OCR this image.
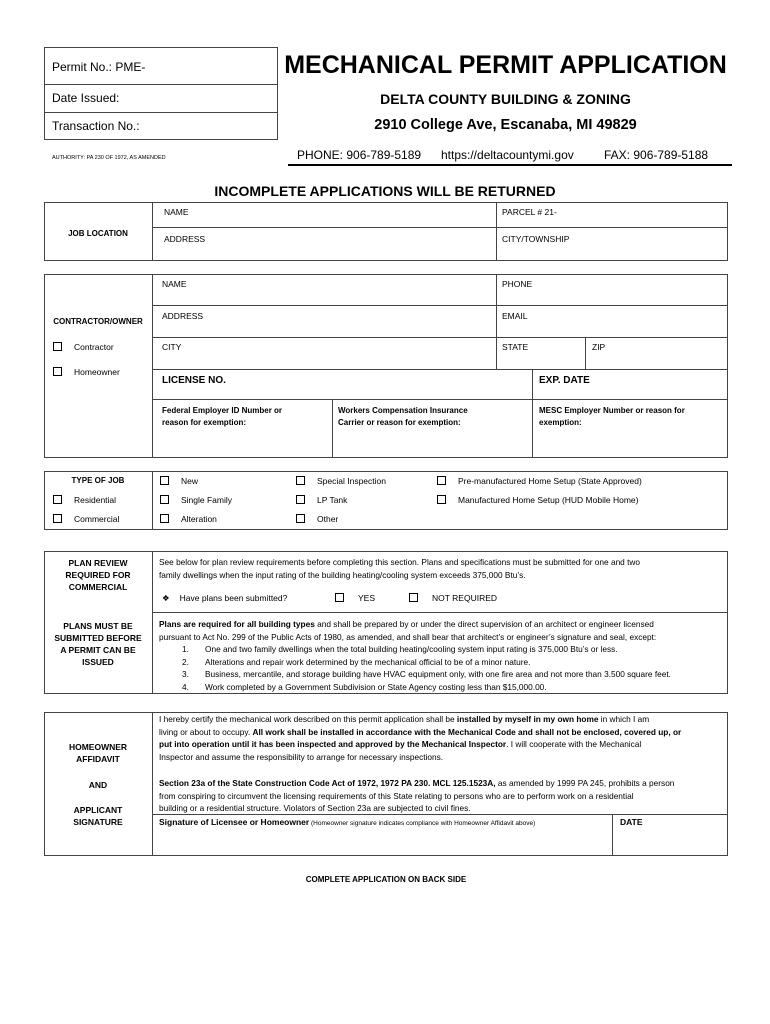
Permit No.: PME-
Date Issued:
Transaction No.:
AUTHORITY: PA 230 OF 1972, AS AMENDED
MECHANICAL PERMIT APPLICATION
DELTA COUNTY BUILDING & ZONING
2910 College Ave, Escanaba, MI 49829
PHONE: 906-789-5189 https://deltacountymi.gov	FAX: 906-789-5188
INCOMPLETE APPLICATIONS WILL BE RETURNED
JOB LOCATION
NAME	PARCEL # 21-
ADDRESS	CITY/TOWNSHIP
CONTRACTOR/OWNER
Contractor
Homeowner
NAME	PHONE
ADDRESS	EMAIL
CITY	STATE	ZIP
LICENSE NO.	EXP. DATE
Federal Employer ID Number or
reason for exemption:
Workers Compensation Insurance
Carrier or reason for exemption:
MESC Employer Number or reason for
exemption:
TYPE OF JOB
Residential
Commercial
New
Single Family
Alteration
Special Inspection
LP Tank
Other
Pre-manufactured Home Setup (State Approved)
Manufactured Home Setup (HUD Mobile Home)
PLAN REVIEW
REQUIRED FOR
COMMERCIAL
PLANS MUST BE
SUBMITTED BEFORE
A PERMIT CAN BE
ISSUED
See below for plan review requirements before completing this section. Plans and specifications must be submitted for one and two
family dwellings when the input rating of the building heating/cooling system exceeds 375,000 Btu’s.
❖ Have plans been submitted?	YES	NOT REQUIRED
Plans are required for all building types and shall be prepared by or under the direct supervision of an architect or engineer licensed
pursuant to Act No. 299 of the Public Acts of 1980, as amended, and shall bear that architect’s or engineer’s signature and seal, except:
1. One and two family dwellings when the total building heating/cooling system input rating is 375,000 Btu’s or less.
2. Alterations and repair work determined by the mechanical official to be of a minor nature.
3. Business, mercantile, and storage building have HVAC equipment only, with one fire area and not more than 3.500 square feet.
4. Work completed by a Government Subdivision or State Agency costing less than $15,000.00.
HOMEOWNER
AFFIDAVIT
AND
APPLICANT
SIGNATURE
I hereby certify the mechanical work described on this permit application shall be installed by myself in my own home in which I am
living or about to occupy. All work shall be installed in accordance with the Mechanical Code and shall not be enclosed, covered up, or
put into operation until it has been inspected and approved by the Mechanical Inspector. I will cooperate with the Mechanical
Inspector and assume the responsibility to arrange for necessary inspections.
Section 23a of the State Construction Code Act of 1972, 1972 PA 230. MCL 125.1523A, as amended by 1999 PA 245, prohibits a person
from conspiring to circumvent the licensing requirements of this State relating to persons who are to perform work on a residential
building or a residential structure. Violators of Section 23a are subjected to civil fines.
Signature of Licensee or Homeowner (Homeowner signature indicates compliance with Homeowner Affidavit above)	DATE
COMPLETE APPLICATION ON BACK SIDE
